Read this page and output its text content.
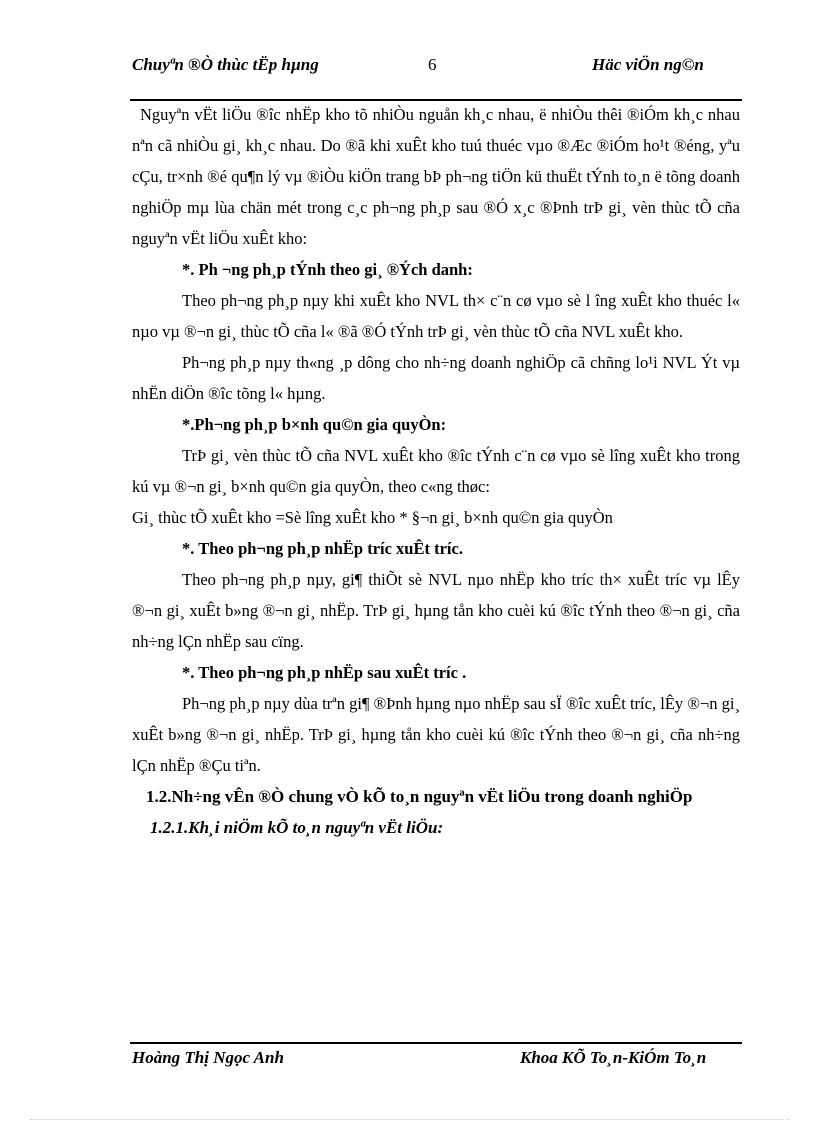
Chuyªn ®Ò thùc tËp hµng	6	Häc viÖn ng©n

Nguyªn vËt liÖu ®îc nhËp kho tõ nhiÒu nguån kh¸c nhau, ë nhiÒu thêi ®iÓm kh¸c nhau nªn cã nhiÒu gi¸ kh¸c nhau. Do ®ã khi xuÊt kho tuú thuéc vµo ®Æc ®iÓm ho¹t ®éng, yªu cÇu, tr×nh ®é qu¶n lý vµ ®iÒu kiÖn trang bÞ ph¬ng tiÖn kü thuËt tÝnh to¸n ë tõng doanh nghiÖp mµ lùa chän mét trong c¸c ph¬ng ph¸p sau ®Ó x¸c ®Þnh trÞ gi¸ vèn thùc tÕ cña nguyªn vËt liÖu xuÊt kho:

*. Ph ¬ng ph¸p tÝnh theo gi¸ ®Ých danh:

Theo ph¬ng ph¸p nµy khi xuÊt kho NVL th× c¨n cø vµo sè l îng xuÊt kho thuéc l« nµo vµ ®¬n gi¸ thùc tÕ cña l« ®ã ®Ó tÝnh trÞ gi¸ vèn thùc tÕ cña NVL xuÊt kho.

Ph¬ng ph¸p nµy th«ng ¸p dông cho nh÷ng doanh nghiÖp cã chñng lo¹i NVL Ýt vµ nhËn diÖn ®îc tõng l« hµng.

*.Ph¬ng ph¸p b×nh qu©n gia quyÒn:

TrÞ gi¸ vèn thùc tÕ cña NVL xuÊt kho ®îc tÝnh c¨n cø vµo sè lîng xuÊt kho trong kú vµ ®¬n gi¸ b×nh qu©n gia quyÒn, theo c«ng thøc:

Gi¸ thùc tÕ xuÊt kho =Sè lîng xuÊt kho * §¬n gi¸ b×nh qu©n gia quyÒn

*. Theo ph¬ng ph¸p nhËp tríc xuÊt tríc.

Theo ph¬ng ph¸p nµy, gi¶ thiÕt sè NVL nµo nhËp kho tríc th× xuÊt tríc vµ lÊy ®¬n gi¸ xuÊt b»ng ®¬n gi¸ nhËp. TrÞ gi¸ hµng tån kho cuèi kú ®îc tÝnh theo ®¬n gi¸ cña nh÷ng lÇn nhËp sau cïng.

*. Theo ph¬ng ph¸p nhËp sau xuÊt tríc .

Ph¬ng ph¸p nµy dùa trªn gi¶ ®Þnh hµng nµo nhËp sau sÏ ®îc xuÊt tríc, lÊy ®¬n gi¸ xuÊt b»ng ®¬n gi¸ nhËp. TrÞ gi¸ hµng tån kho cuèi kú ®îc tÝnh theo ®¬n gi¸ cña nh÷ng lÇn nhËp ®Çu tiªn.

1.2.Nh÷ng vÊn ®Ò chung vÒ kÕ to¸n nguyªn vËt liÖu trong doanh nghiÖp

1.2.1.Kh¸i niÖm kÕ to¸n nguyªn vËt liÖu:

Hoàng Thị Ngọc Anh	Khoa KÕ To¸n-KiÓm To¸n
